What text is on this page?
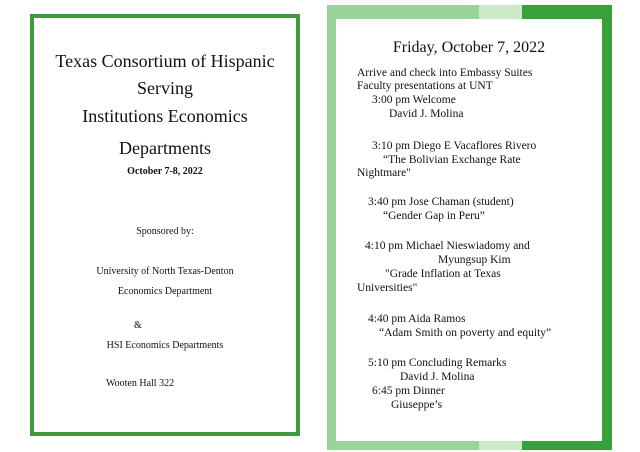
Texas Consortium of Hispanic
Serving
Institutions Economics
Departments
October 7-8, 2022
Sponsored by:
University of North Texas-Denton
Economics Department
&
HSI Economics Departments
Wooten Hall 322
Friday, October 7, 2022
Arrive and check into Embassy Suites
Faculty presentations at UNT
3:00 pm Welcome
David J. Molina
3:10 pm Diego E Vacaflores Rivero
“The Bolivian Exchange Rate
Nightmare"
3:40 pm Jose Chaman (student)
“Gender Gap in Peru”
4:10 pm Michael Nieswiadomy and
Myungsup Kim
"Grade Inflation at Texas
Universities"
4:40 pm Aida Ramos
“Adam Smith on poverty and equity”
5:10 pm Concluding Remarks
David J. Molina
6:45 pm Dinner
Giuseppe’s
